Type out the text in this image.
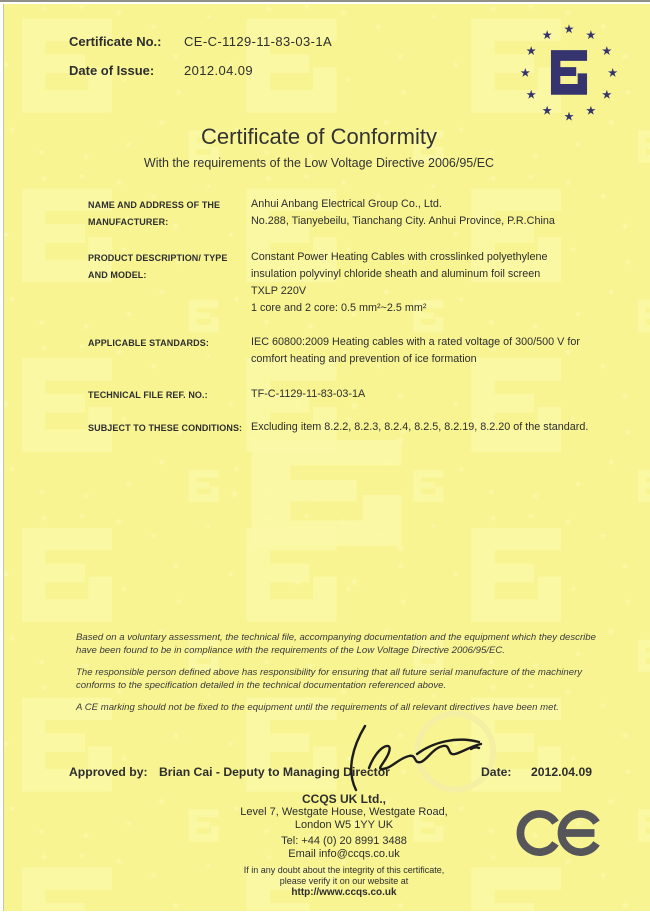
Certificate No.:	CE-C-1129-11-83-03-1A
Date of Issue:	2012.04.09
Certificate of Conformity
With the requirements of the Low Voltage Directive 2006/95/EC
NAME AND ADDRESS OF THE
MANUFACTURER:
Anhui Anbang Electrical Group Co., Ltd.
No.288, Tianyebeilu, Tianchang City. Anhui Province, P.R.China
PRODUCT DESCRIPTION/ TYPE
AND MODEL:
Constant Power Heating Cables with crosslinked polyethylene
insulation polyvinyl chloride sheath and aluminum foil screen
TXLP 220V
1 core and 2 core: 0.5 mm²~2.5 mm²
APPLICABLE STANDARDS:	IEC 60800:2009 Heating cables with a rated voltage of 300/500 V for
comfort heating and prevention of ice formation
TECHNICAL FILE REF. NO.:	TF-C-1129-11-83-03-1A
SUBJECT TO THESE CONDITIONS: Excluding item 8.2.2, 8.2.3, 8.2.4, 8.2.5, 8.2.19, 8.2.20 of the standard.

Based on a voluntary assessment, the technical file, accompanying documentation and the equipment which they describe have been found to be in compliance with the requirements of the Low Voltage Directive 2006/95/EC.

The responsible person defined above has responsibility for ensuring that all future serial manufacture of the machinery conforms to the specification detailed in the technical documentation referenced above.

A CE marking should not be fixed to the equipment until the requirements of all relevant directives have been met.

Approved by: Brian Cai - Deputy to Managing Director	Date: 2012.04.09
CCQS UK Ltd.,
Level 7, Westgate House, Westgate Road,
London W5 1YY UK
Tel: +44 (0) 20 8991 3488
Email info@ccqs.co.uk
If in any doubt about the integrity of this certificate,
please verify it on our website at
http://www.ccqs.co.uk
